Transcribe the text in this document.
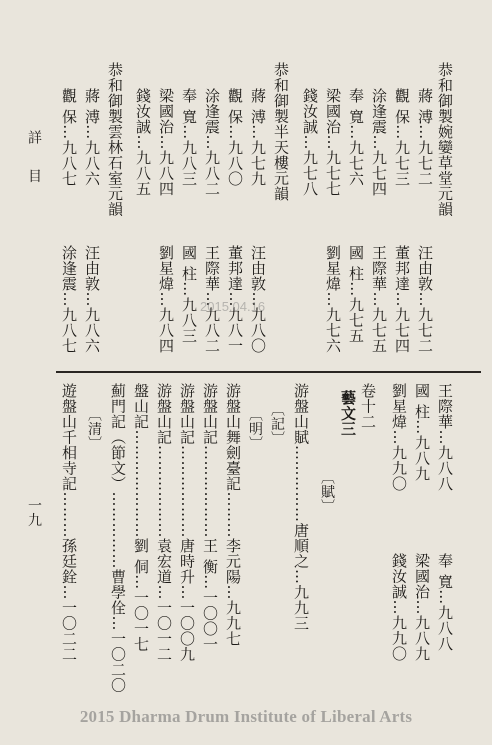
詳 目
一九
恭和御製婉孌草堂元韻
蔣 溥…九七二
觀 保…九七三
涂逢震…九七四
奉 寬…九七六
梁國治…九七七
錢汝誠…九七八
恭和御製半天樓元韻
蔣 溥…九七九
觀 保…九八〇
涂逢震…九八二
奉 寬…九八三
梁國治…九八四
錢汝誠…九八五
恭和御製雲林石室元韻
蔣 溥…九八六
觀 保…九八七
汪由敦…九七二
董邦達…九七四
王際華…九七五
國 柱…九七五
劉星煒…九七六
汪由敦…九八〇
董邦達…九八一
王際華…九八二
國 柱…九八三
劉星煒…九八四
汪由敦…九八六
涂逢震…九八七	2015.04.16
王際華…九八八
國 柱…九八九
劉星煒…九九〇
奉 寬…九八八
梁國治…九八九
錢汝誠…九九〇
卷十二
藝文三
〔賦〕
游盤山賦……………唐順之…九九三
〔記〕
〔明〕
游盤山舞劍臺記………李元陽…九九七
游盤山記………………王 衡…一〇〇一
游盤山記………………唐時升…一〇〇九
游盤山記………………袁宏道…一〇一二
盤山記…………………劉 侗…一〇一七
薊門記（節文）……………曹學佺…一〇二〇
〔清〕
遊盤山千相寺記………孫廷銓…一〇二二
2015 Dharma Drum Institute of Liberal Arts
